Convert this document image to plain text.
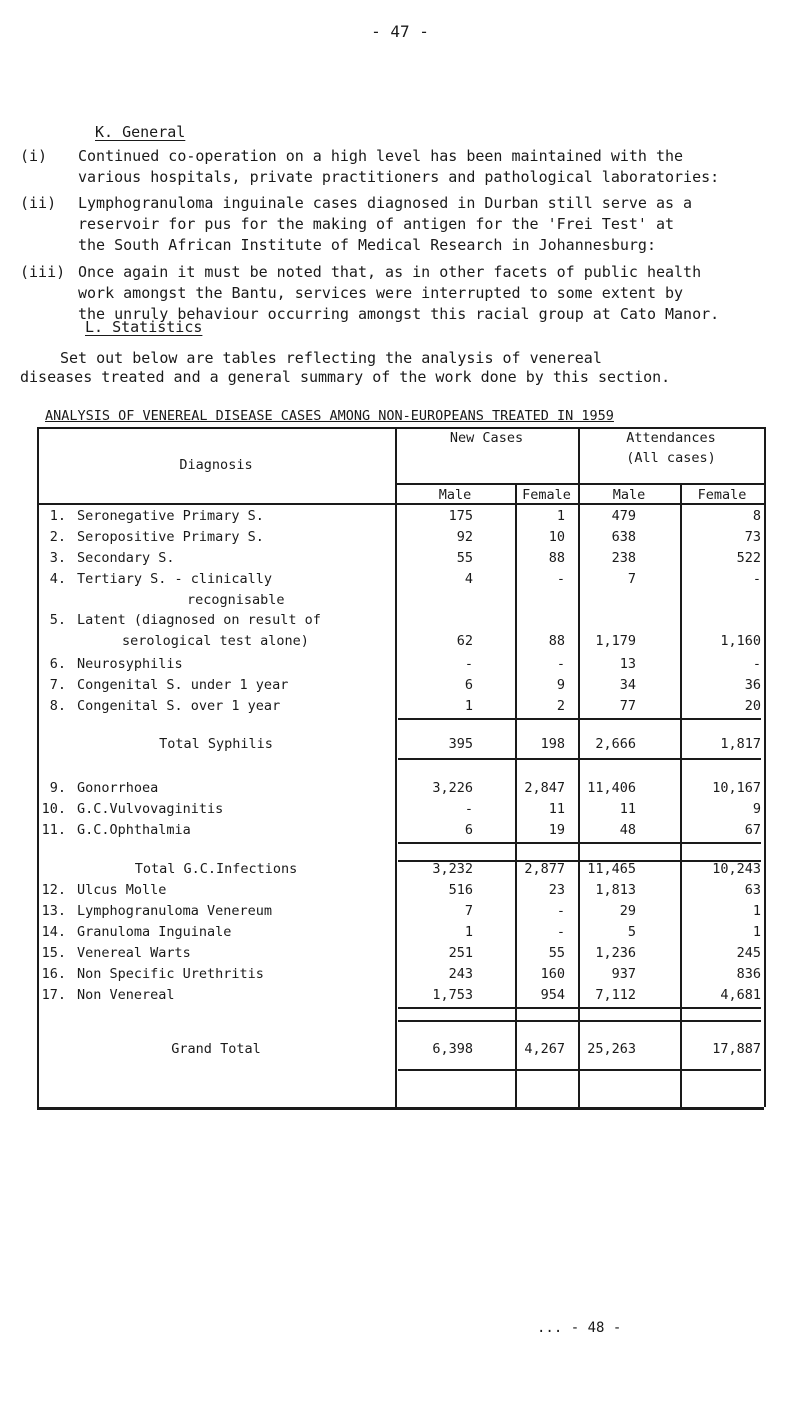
- 47 -
K. General
(i) Continued co-operation on a high level has been maintained with the
various hospitals, private practitioners and pathological laboratories:
(ii) Lymphogranuloma inguinale cases diagnosed in Durban still serve as a
reservoir for pus for the making of antigen for the 'Frei Test' at
the South African Institute of Medical Research in Johannesburg:
(iii) Once again it must be noted that, as in other facets of public health
work amongst the Bantu, services were interrupted to some extent by
the unruly behaviour occurring amongst this racial group at Cato Manor.
L. Statistics
Set out below are tables reflecting the analysis of venereal
diseases treated and a general summary of the work done by this section.
ANALYSIS OF VENEREAL DISEASE CASES AMONG NON-EUROPEANS TREATED IN 1959
Diagnosis
New Cases	Attendances
(All cases)
Male	Female	Male	Female
1. Seronegative Primary S.	175	1	479	8
2. Seropositive Primary S.	92	10	638	73
3. Secondary S.	55	88	238	522
4. Tertiary S. - clinically
recognisable
4	-	7	-
5. Latent (diagnosed on result of
serological test alone)	62	88	1,179	1,160
6. Neurosyphilis	-	-	13	-
7. Congenital S. under 1 year	6	9	34	36
8. Congenital S. over 1 year	1	2	77	20
Total Syphilis	395	198	2,666	1,817
9. Gonorrhoea	3,226	2,847	11,406	10,167
10. G.C.Vulvovaginitis	-	11	11	9
11. G.C.Ophthalmia	6	19	48	67
Total G.C.Infections	3,232	2,877	11,465	10,243
12. Ulcus Molle	516	23	1,813	63
13. Lymphogranuloma Venereum	7	-	29	1
14. Granuloma Inguinale	1	-	5	1
15. Venereal Warts	251	55	1,236	245
16. Non Specific Urethritis	243	160	937	836
17. Non Venereal	1,753	954	7,112	4,681
Grand Total	6,398	4,267	25,263	17,887
... - 48 -
